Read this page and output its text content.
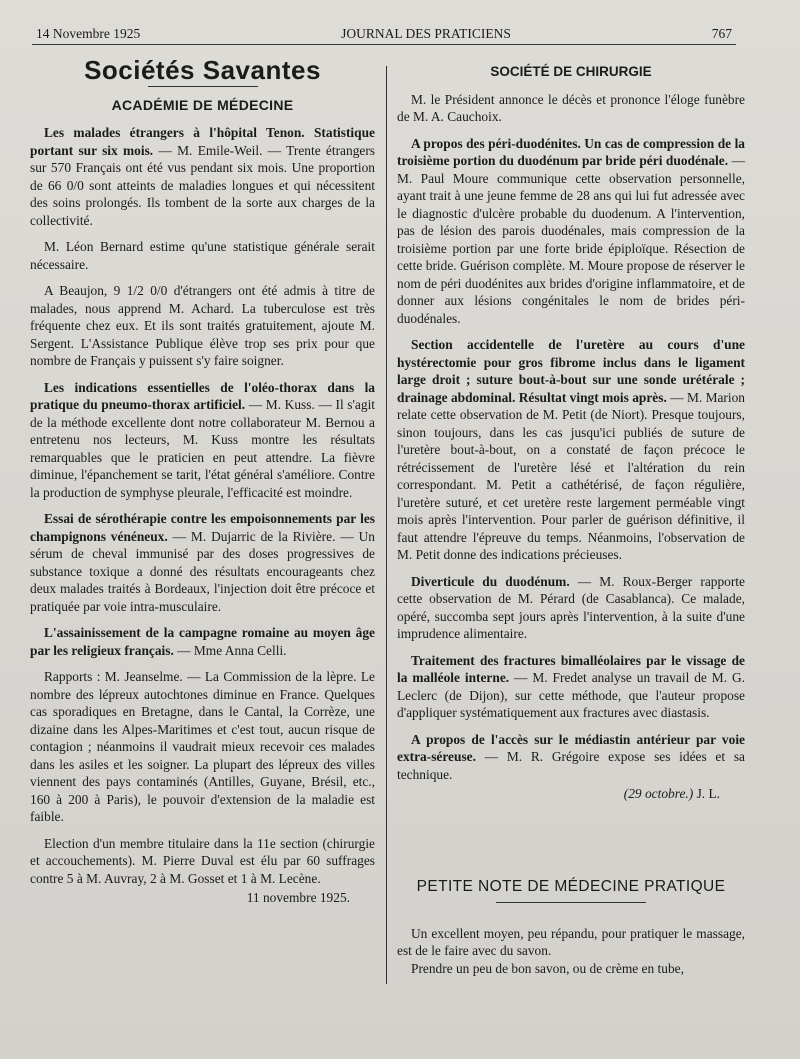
14 Novembre 1925	JOURNAL DES PRATICIENS	767
Sociétés Savantes
ACADÉMIE DE MÉDECINE

Les malades étrangers à l'hôpital Tenon. Statistique portant sur six mois. — M. Emile-Weil. — Trente étrangers sur 570 Français ont été vus pendant six mois. Une proportion de 66 0/0 sont atteints de maladies longues et qui nécessitent des soins prolongés. Ils tombent de la sorte aux charges de la collectivité.

M. Léon Bernard estime qu'une statistique générale serait nécessaire.

A Beaujon, 9 1/2 0/0 d'étrangers ont été admis à titre de malades, nous apprend M. Achard. La tuberculose est très fréquente chez eux. Et ils sont traités gratuitement, ajoute M. Sergent. L'Assistance Publique élève trop ses prix pour que nombre de Français y puissent s'y faire soigner.

Les indications essentielles de l'oléo-thorax dans la pratique du pneumo-thorax artificiel. — M. Kuss. — Il s'agit de la méthode excellente dont notre collaborateur M. Bernou a entretenu nos lecteurs, M. Kuss montre les résultats remarquables que le praticien en peut attendre. La fièvre diminue, l'épanchement se tarit, l'état général s'améliore. Contre la production de symphyse pleurale, l'efficacité est moindre.

Essai de sérothérapie contre les empoisonnements par les champignons vénéneux. — M. Dujarric de la Rivière. — Un sérum de cheval immunisé par des doses progressives de substance toxique a donné des résultats encourageants chez deux malades traités à Bordeaux, l'injection doit être précoce et pratiquée par voie intra-musculaire.

L'assainissement de la campagne romaine au moyen âge par les religieux français. — Mme Anna Celli.

Rapports : M. Jeanselme. — La Commission de la lèpre. Le nombre des lépreux autochtones diminue en France. Quelques cas sporadiques en Bretagne, dans le Cantal, la Corrèze, une dizaine dans les Alpes-Maritimes et c'est tout, aucun risque de contagion ; néanmoins il vaudrait mieux recevoir ces malades dans les asiles et les soigner. La plupart des lépreux des villes viennent des pays contaminés (Antilles, Guyane, Brésil, etc., 160 à 200 à Paris), le pouvoir d'extension de la maladie est faible.

Election d'un membre titulaire dans la 11e section (chirurgie et accouchements). M. Pierre Duval est élu par 60 suffrages contre 5 à M. Auvray, 2 à M. Gosset et 1 à M. Lecène.

11 novembre 1925.

SOCIÉTÉ DE CHIRURGIE

M. le Président annonce le décès et prononce l'éloge funèbre de M. A. Cauchoix.

A propos des péri-duodénites. Un cas de compression de la troisième portion du duodénum par bride péri duodénale. — M. Paul Moure communique cette observation personnelle, ayant trait à une jeune femme de 28 ans qui lui fut adressée avec le diagnostic d'ulcère probable du duodenum. A l'intervention, pas de lésion des parois duodénales, mais compression de la troisième portion par une forte bride épiploïque. Résection de cette bride. Guérison complète. M. Moure propose de réserver le nom de péri duodénites aux brides d'origine inflammatoire, et de donner aux lésions congénitales le nom de brides péri-duodénales.

Section accidentelle de l'uretère au cours d'une hystérectomie pour gros fibrome inclus dans le ligament large droit ; suture bout-à-bout sur une sonde urétérale ; drainage abdominal. Résultat vingt mois après. — M. Marion relate cette observation de M. Petit (de Niort). Presque toujours, sinon toujours, dans les cas jusqu'ici publiés de suture de l'uretère bout-à-bout, on a constaté de façon précoce le rétrécissement de l'uretère lésé et l'altération du rein correspondant. M. Petit a cathétérisé, de façon régulière, l'uretère suturé, et cet uretère reste largement perméable vingt mois après l'intervention. Pour parler de guérison définitive, il faut attendre l'épreuve du temps. Néanmoins, l'observation de M. Petit donne des indications précieuses.

Diverticule du duodénum. — M. Roux-Berger rapporte cette observation de M. Pérard (de Casablanca). Ce malade, opéré, succomba sept jours après l'intervention, à la suite d'une imprudence alimentaire.

Traitement des fractures bimalléolaires par le vissage de la malléole interne. — M. Fredet analyse un travail de M. G. Leclerc (de Dijon), sur cette méthode, que l'auteur propose d'appliquer systématiquement aux fractures avec diastasis.

A propos de l'accès sur le médiastin antérieur par voie extra-séreuse. — M. R. Grégoire expose ses idées et sa technique.

(29 octobre.) J. L.

PETITE NOTE DE MÉDECINE PRATIQUE

Un excellent moyen, peu répandu, pour pratiquer le massage, est de le faire avec du savon.

Prendre un peu de bon savon, ou de crème en tube,
